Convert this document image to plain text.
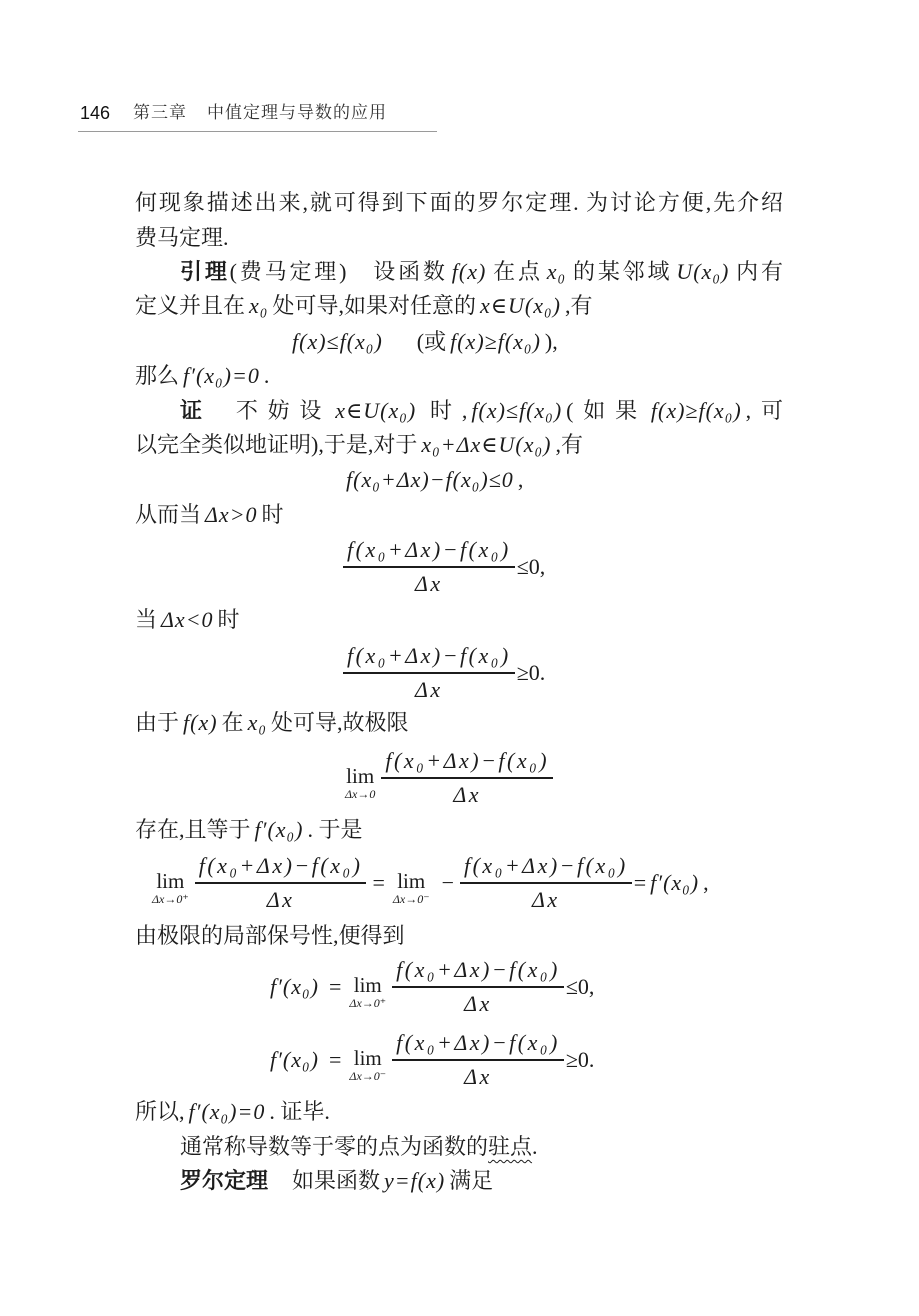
146 第三章 中值定理与导数的应用
何现象描述出来,就可得到下面的罗尔定理. 为讨论方便,先介绍
费马定理.
引理(费马定理) 设函数 f(x) 在点 x₀ 的某邻域 U(x₀) 内有
定义并且在 x₀ 处可导,如果对任意的 x∈U(x₀) ,有
f(x)≤f(x₀) (或 f(x)≥f(x₀) ),
那么 f′(x₀)=0 .
证 不妨设 x∈U(x₀) 时, f(x)≤f(x₀) (如果 f(x)≥f(x₀) ,可
以完全类似地证明),于是,对于 x₀+Δx∈U(x₀) ,有
f(x₀+Δx)−f(x₀)≤0 ,
从而当 Δx>0 时
$\frac{\text{f(x₀+Δx)−f(x₀)}}{\Delta x} \le 0$,
当 Δx<0 时
$\frac{\text{f(x₀+Δx)−f(x₀)}}{\Delta x} \ge 0$.
由于 f(x) 在 x₀ 处可导,故极限
lim
$\Delta x\to 0 \frac{\text{f(x₀+Δx)−f(x₀)}}{\Delta x}$
存在,且等于 f′(x₀) . 于是
lim
$\Delta x\to 0^+ \frac{\text{f(x₀+Δx)−f(x₀)}}{\Delta x} = \lim$
Δx→0⁻
− $\frac{\text{f(x₀+Δx)−f(x₀)}}{\Delta x} = f'(x_0)$ ,
由极限的局部保号性,便得到
f′(x₀) = lim
$\Delta x\to 0^+ \frac{\text{f(x₀+Δx)−f(x₀)}}{\Delta x} \le 0$,
f′(x₀) = lim
$\Delta x\to 0^- \frac{\text{f(x₀+Δx)−f(x₀)}}{\Delta x} \ge 0$.
所以, f′(x₀)=0 . 证毕.
通常称导数等于零的点为函数的驻点.
罗尔定理 如果函数 y=f(x) 满足
